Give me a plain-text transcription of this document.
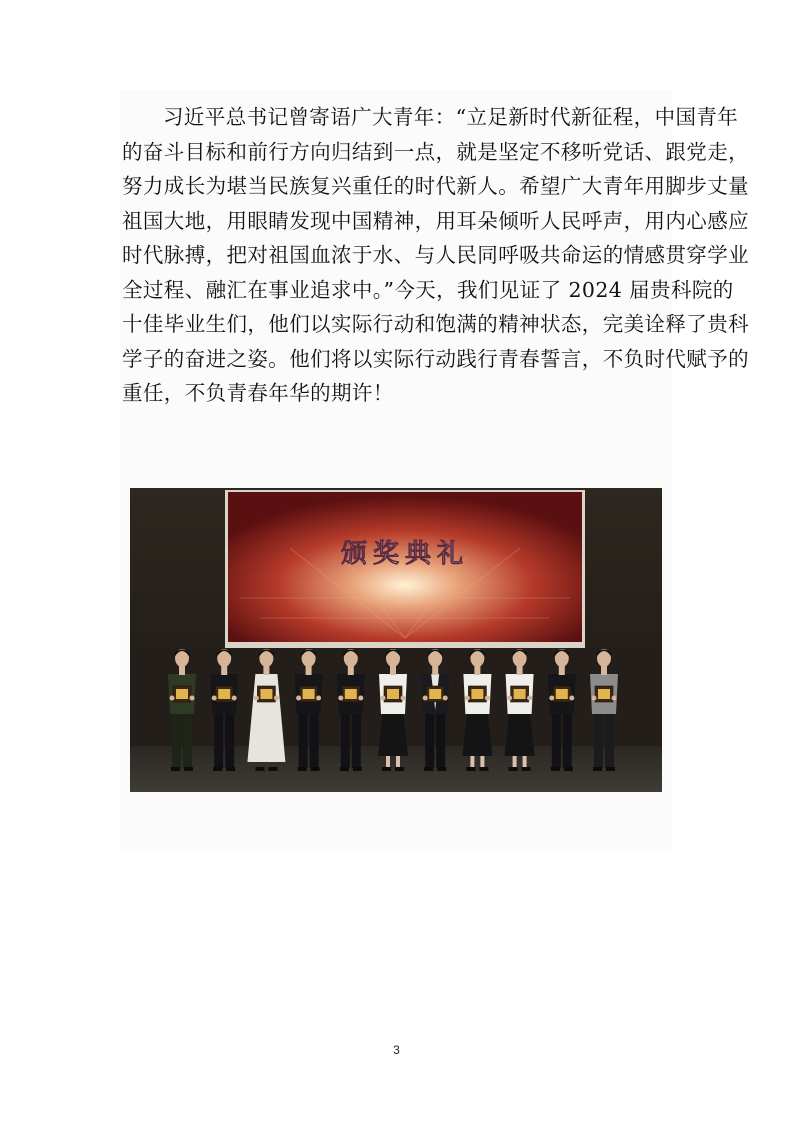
习近平总书记曾寄语广大青年：“立足新时代新征程，中国青年
的奋斗目标和前行方向归结到一点，就是坚定不移听党话、跟党走，
努力成长为堪当民族复兴重任的时代新人。希望广大青年用脚步丈量
祖国大地，用眼睛发现中国精神，用耳朵倾听人民呼声，用内心感应
时代脉搏，把对祖国血浓于水、与人民同呼吸共命运的情感贯穿学业
全过程、融汇在事业追求中。”今天，我们见证了 2024 届贵科院的
十佳毕业生们，他们以实际行动和饱满的精神状态，完美诠释了贵科
学子的奋进之姿。他们将以实际行动践行青春誓言，不负时代赋予的
重任，不负青春年华的期许！

颁奖典礼
3
